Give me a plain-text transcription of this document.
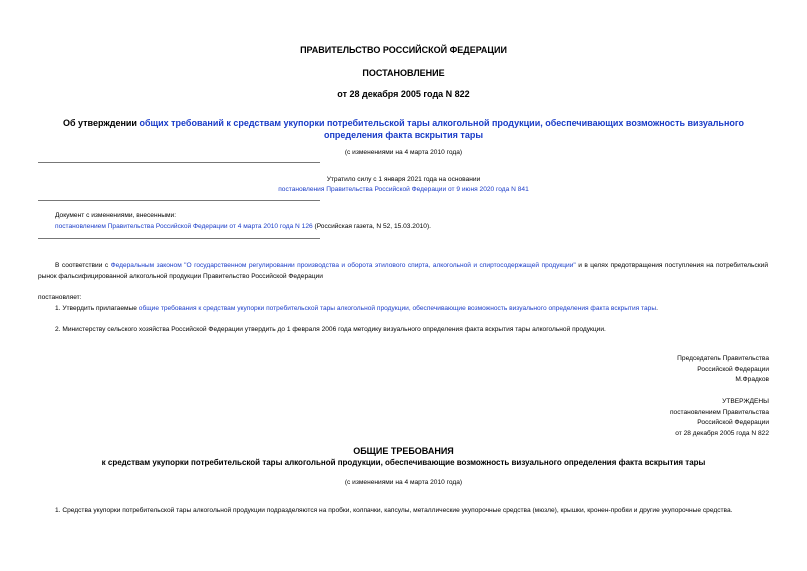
ПРАВИТЕЛЬСТВО РОССИЙСКОЙ ФЕДЕРАЦИИ
ПОСТАНОВЛЕНИЕ
от 28 декабря 2005 года N 822
Об утверждении общих требований к средствам укупорки потребительской тары алкогольной продукции, обеспечивающих возможность визуального
определения факта вскрытия тары
(с изменениями на 4 марта 2010 года)
Утратило силу с 1 января 2021 года на основании
постановления Правительства Российской Федерации от 9 июня 2020 года N 841
Документ с изменениями, внесенными:
постановлением Правительства Российской Федерации от 4 марта 2010 года N 126 (Российская газета, N 52, 15.03.2010).
В соответствии с Федеральным законом "О государственном регулировании производства и оборота этилового спирта, алкогольной и спиртосодержащей продукции" и в целях предотвращения поступления на потребительский рынок фальсифицированной алкогольной продукции Правительство Российской Федерации
постановляет:
1. Утвердить прилагаемые общие требования к средствам укупорки потребительской тары алкогольной продукции, обеспечивающие возможность визуального определения факта вскрытия тары.
2. Министерству сельского хозяйства Российской Федерации утвердить до 1 февраля 2006 года методику визуального определения факта вскрытия тары алкогольной продукции.
Председатель Правительства
Российской Федерации
М.Фрадков
УТВЕРЖДЕНЫ
постановлением Правительства
Российской Федерации
от 28 декабря 2005 года N 822
ОБЩИЕ ТРЕБОВАНИЯ
к средствам укупорки потребительской тары алкогольной продукции, обеспечивающие возможность визуального определения факта вскрытия тары
(с изменениями на 4 марта 2010 года)
1. Средства укупорки потребительской тары алкогольной продукции подразделяются на пробки, колпачки, капсулы, металлические укупорочные средства (мюзле), крышки, кронен-пробки и другие укупорочные средства.
